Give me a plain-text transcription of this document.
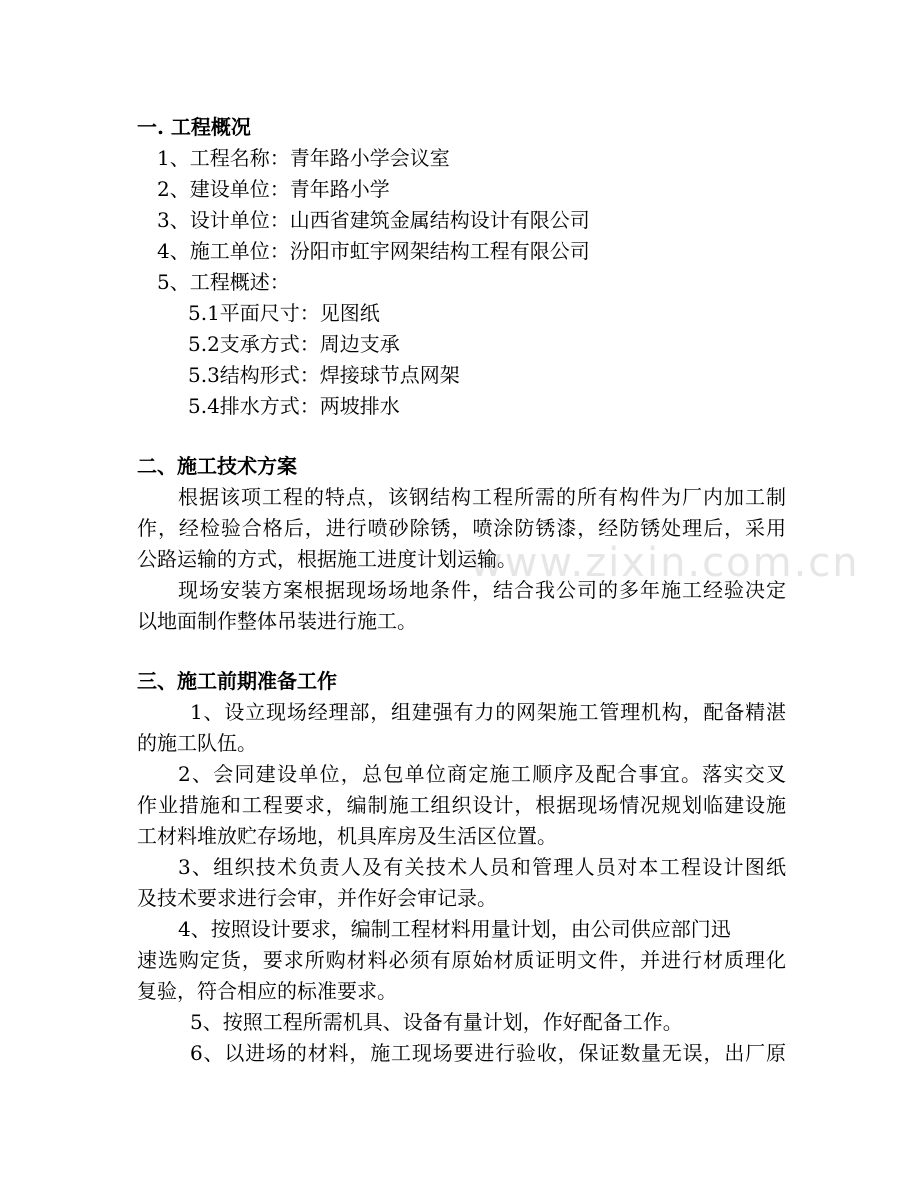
www.zixin.com.cn
一. 工程概况
1、工程名称：青年路小学会议室
2、建设单位：青年路小学
3、设计单位：山西省建筑金属结构设计有限公司
4、施工单位：汾阳市虹宇网架结构工程有限公司
5、工程概述：
5.1平面尺寸：见图纸
5.2支承方式：周边支承
5.3结构形式：焊接球节点网架
5.4排水方式：两坡排水
二、施工技术方案
根据该项工程的特点，该钢结构工程所需的所有构件为厂内加工制
作，经检验合格后，进行喷砂除锈，喷涂防锈漆，经防锈处理后，采用
公路运输的方式，根据施工进度计划运输。
现场安装方案根据现场场地条件，结合我公司的多年施工经验决定
以地面制作整体吊装进行施工。
三、施工前期准备工作
1、设立现场经理部，组建强有力的网架施工管理机构，配备精湛
的施工队伍。
2、会同建设单位，总包单位商定施工顺序及配合事宜。落实交叉
作业措施和工程要求，编制施工组织设计，根据现场情况规划临建设施
工材料堆放贮存场地，机具库房及生活区位置。
3、组织技术负责人及有关技术人员和管理人员对本工程设计图纸
及技术要求进行会审，并作好会审记录。
4、按照设计要求，编制工程材料用量计划，由公司供应部门迅
速选购定货，要求所购材料必须有原始材质证明文件，并进行材质理化
复验，符合相应的标准要求。
5、按照工程所需机具、设备有量计划，作好配备工作。
6、以进场的材料，施工现场要进行验收，保证数量无误，出厂原
